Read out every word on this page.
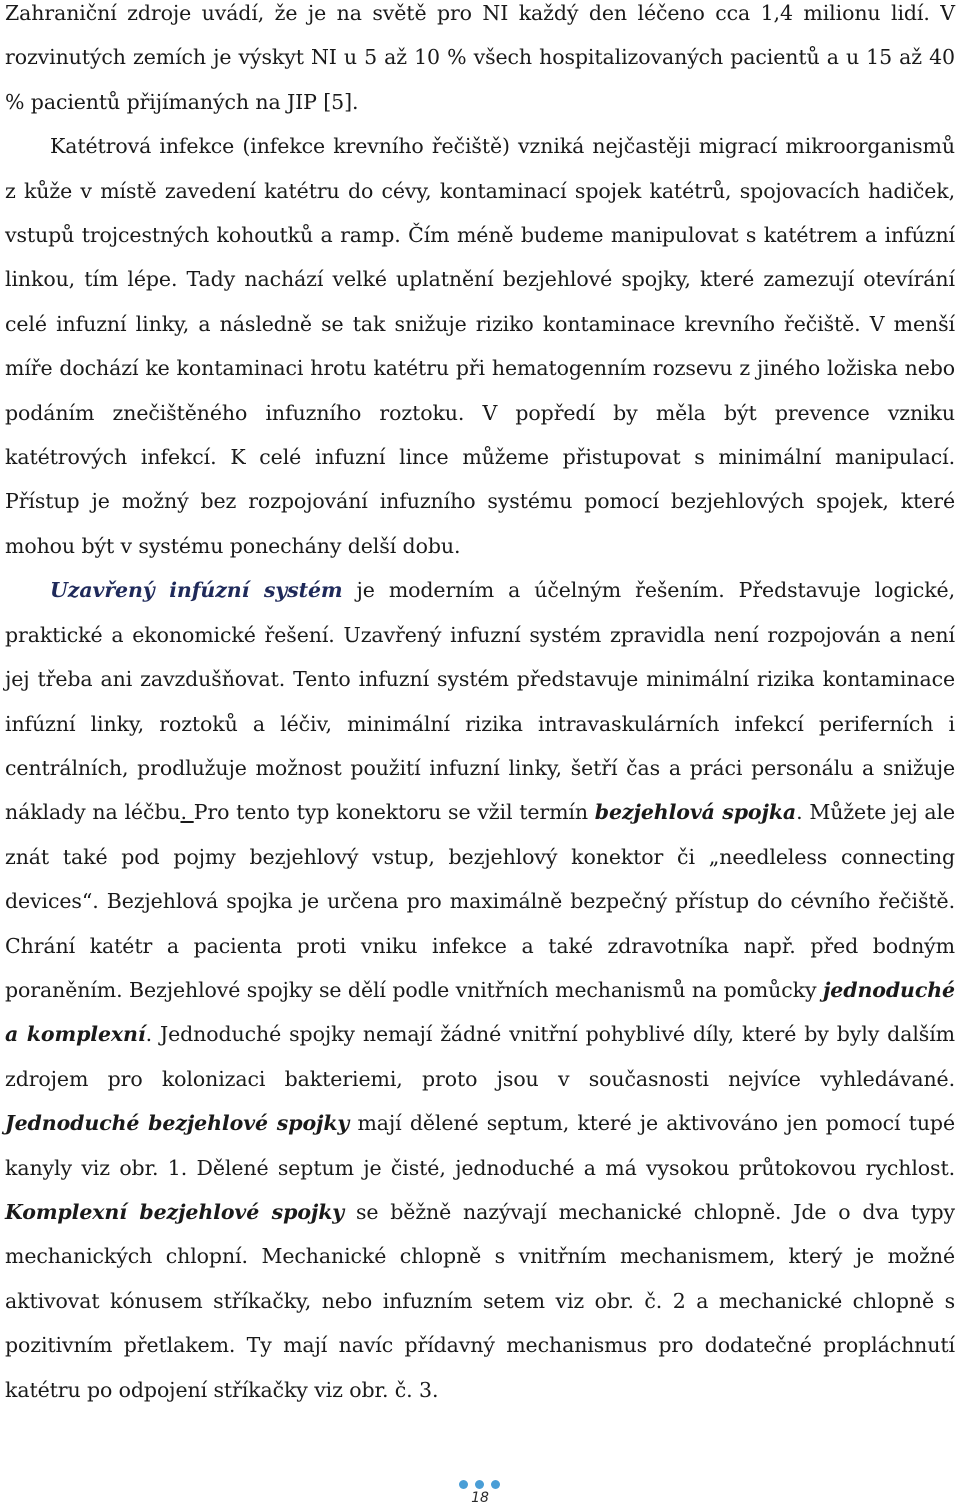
Zahraniční zdroje uvádí, že je na světě pro NI každý den léčeno cca 1,4 milionu lidí. V rozvinutých zemích je výskyt NI u 5 až 10 % všech hospitalizovaných pacientů a u 15 až 40 % pacientů přijímaných na JIP [5].

Katétrová infekce (infekce krevního řečiště) vzniká nejčastěji migrací mikroorganismů z kůže v místě zavedení katétru do cévy, kontaminací spojek katétrů, spojovacích hadiček, vstupů trojcestných kohoutků a ramp. Čím méně budeme manipulovat s katétrem a infúzní linkou, tím lépe. Tady nachází velké uplatnění bezjehlové spojky, které zamezují otevírání celé infuzní linky, a následně se tak snižuje riziko kontaminace krevního řečiště. V menší míře dochází ke kontaminaci hrotu katétru při hematogenním rozsevu z jiného ložiska nebo podáním znečištěného infuzního roztoku. V popředí by měla být prevence vzniku katétrových infekcí. K celé infuzní lince můžeme přistupovat s minimální manipulací. Přístup je možný bez rozpojování infuzního systému pomocí bezjehlových spojek, které mohou být v systému ponechány delší dobu.

Uzavřený infúzní systém je moderním a účelným řešením. Představuje logické, praktické a ekonomické řešení. Uzavřený infuzní systém zpravidla není rozpojován a není jej třeba ani zavzdušňovat. Tento infuzní systém představuje minimální rizika kontaminace infúzní linky, roztoků a léčiv, minimální rizika intravaskulárních infekcí periferních i centrálních, prodlužuje možnost použití infuzní linky, šetří čas a práci personálu a snižuje náklady na léčbu. Pro tento typ konektoru se vžil termín bezjehlová spojka. Můžete jej ale znát také pod pojmy bezjehlový vstup, bezjehlový konektor či „needleless connecting devices“. Bezjehlová spojka je určena pro maximálně bezpečný přístup do cévního řečiště. Chrání katétr a pacienta proti vniku infekce a také zdravotníka např. před bodným poraněním. Bezjehlové spojky se dělí podle vnitřních mechanismů na pomůcky jednoduché a komplexní. Jednoduché spojky nemají žádné vnitřní pohyblivé díly, které by byly dalším zdrojem pro kolonizaci bakteriemi, proto jsou v současnosti nejvíce vyhledávané. Jednoduché bezjehlové spojky mají dělené septum, které je aktivováno jen pomocí tupé kanyly viz obr. 1. Dělené septum je čisté, jednoduché a má vysokou průtokovou rychlost. Komplexní bezjehlové spojky se běžně nazývají mechanické chlopně. Jde o dva typy mechanických chlopní. Mechanické chlopně s vnitřním mechanismem, který je možné aktivovat kónusem stříkačky, nebo infuzním setem viz obr. č. 2 a mechanické chlopně s pozitivním přetlakem. Ty mají navíc přídavný mechanismus pro dodatečné propláchnutí katétru po odpojení stříkačky viz obr. č. 3.

18
